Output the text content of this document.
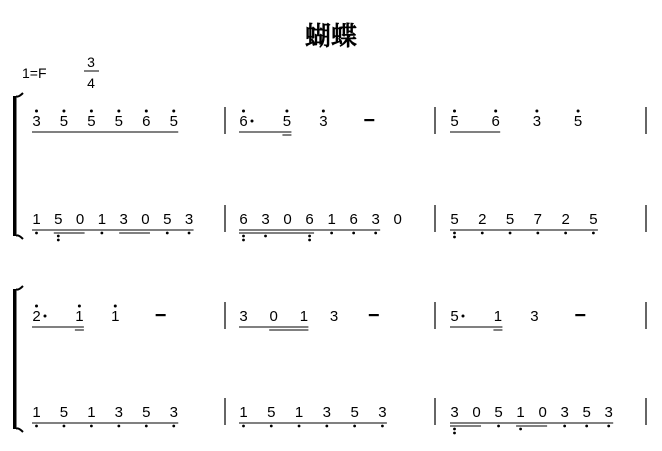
蝴蝶
1=F
3
4
3 5 5 5 6 5	6 5 3	5 6 3 5
1 5 0 1 3 0 5 3	6 3 0 6 1 6 3 0	5 2 5 7 2 5
2 1 1	3 0 1 3	5 1 3
1 5 1 3 5 3	1 5 1 3 5 3	3 0 5 1 0 3 5 3
